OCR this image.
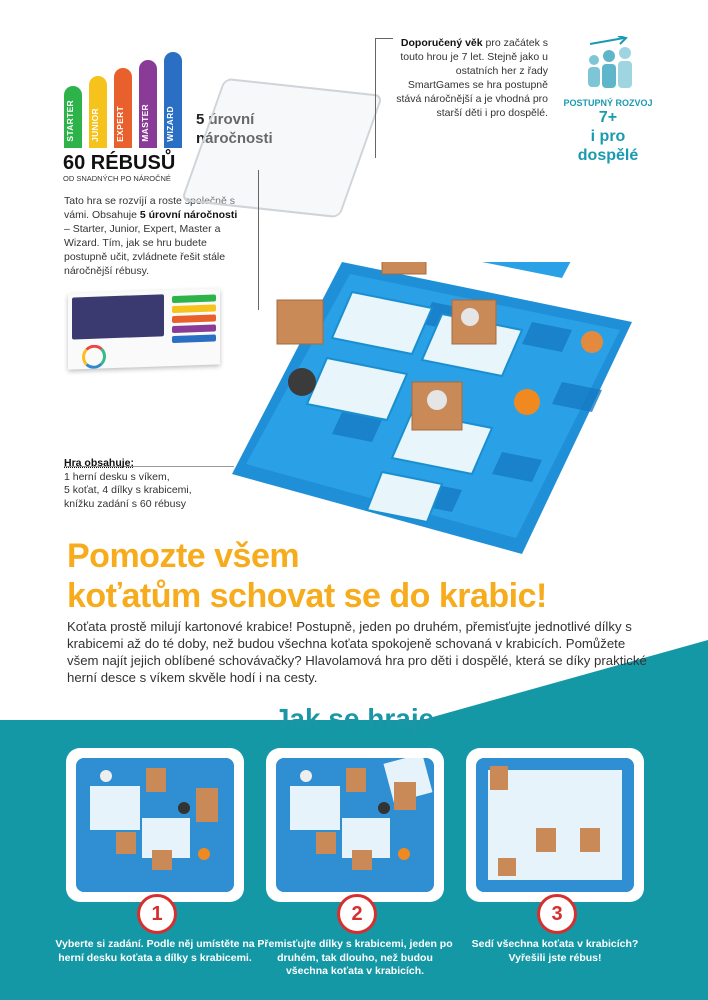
STARTER	JUNIOR	EXPERT	MASTER	WIZARD
60 RÉBUSŮ
OD SNADNÝCH PO NÁROČNÉ
5 úrovní
náročnosti
Tato hra se rozvíjí a roste společně s vámi. Obsahuje 5 úrovní náročnosti – Starter, Junior, Expert, Master a Wizard. Tím, jak se hru budete postupně učit, zvládnete řešit stále náročnější rébusy.
Doporučený věk pro začátek s touto hrou je 7 let. Stejně jako u ostatních her z řady SmartGames se hra postupně stává náročnější a je vhodná pro starší děti i pro dospělé.
POSTUPNÝ ROZVOJ
7+
i pro
dospělé
Hra obsahuje:
1 herní desku s víkem,
5 koťat, 4 dílky s krabicemi,
knížku zadání s 60 rébusy
Pomozte všem
koťatům schovat se do krabic!
Koťata prostě milují kartonové krabice! Postupně, jeden po druhém, přemisťujte jednotlivé dílky s krabicemi až do té doby, než budou všechna koťata spokojeně schovaná v krabicích. Pomůžete všem najít jejich oblíbené schovávačky? Hlavolamová hra pro děti i dospělé, která se díky praktické herní desce s víkem skvěle hodí i na cesty.
Jak se hraje
1	2	3
Vyberte si zadání. Podle něj umístěte na herní desku koťata a dílky s krabicemi.
Přemisťujte dílky s krabicemi, jeden po druhém, tak dlouho, než budou všechna koťata v krabicích.
Sedí všechna koťata v krabicích? Vyřešili jste rébus!
